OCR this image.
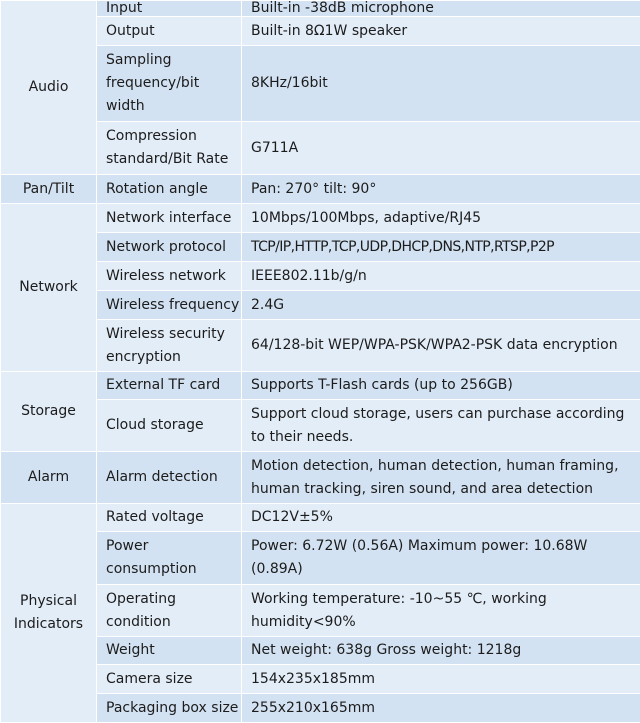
Audio	Input	Built-in -38dB microphone
	Output	Built-in 8Ω1W speaker
	Sampling frequency/bit width	8KHz/16bit
	Compression standard/Bit Rate	G711A
Pan/Tilt	Rotation angle	Pan: 270° tilt: 90°
Network	Network interface	10Mbps/100Mbps, adaptive/RJ45
	Network protocol	TCP/IP,HTTP,TCP,UDP,DHCP,DNS,NTP,RTSP,P2P
	Wireless network	IEEE802.11b/g/n
	Wireless frequency	2.4G
	Wireless security encryption	64/128-bit WEP/WPA-PSK/WPA2-PSK data encryption
Storage	External TF card	Supports T-Flash cards (up to 256GB)
	Cloud storage	Support cloud storage, users can purchase according to their needs.
Alarm	Alarm detection	Motion detection, human detection, human framing, human tracking, siren sound, and area detection
Physical Indicators	Rated voltage	DC12V±5%
	Power consumption	Power: 6.72W (0.56A) Maximum power: 10.68W (0.89A)
	Operating condition	Working temperature: -10~55 ℃, working humidity<90%
	Weight	Net weight: 638g Gross weight: 1218g
	Camera size	154x235x185mm
	Packaging box size	255x210x165mm
